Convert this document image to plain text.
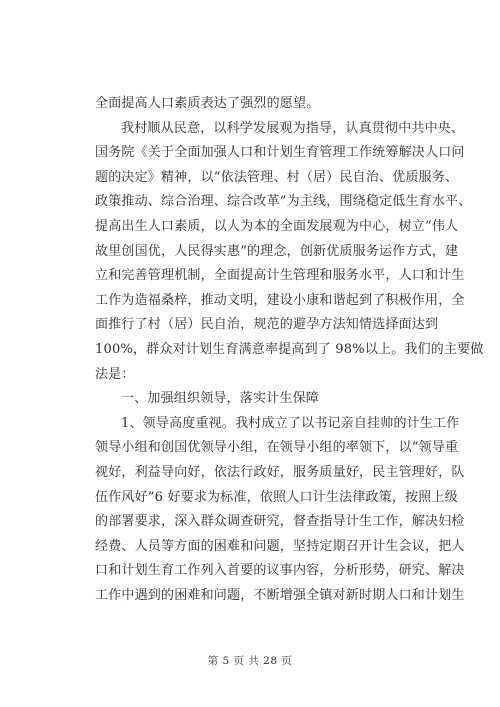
全面提高人口素质表达了强烈的愿望。
我村顺从民意，以科学发展观为指导，认真贯彻中共中央、
国务院《关于全面加强人口和计划生育管理工作统筹解决人口问
题的决定》精神，以“依法管理、村（居）民自治、优质服务、
政策推动、综合治理、综合改革”为主线，围绕稳定低生育水平、
提高出生人口素质，以人为本的全面发展观为中心，树立“伟人
故里创国优，人民得实惠”的理念，创新优质服务运作方式，建
立和完善管理机制，全面提高计生管理和服务水平，人口和计生
工作为造福桑梓，推动文明，建设小康和谐起到了积极作用，全
面推行了村（居）民自治，规范的避孕方法知情选择面达到
100%，群众对计划生育满意率提高到了 98%以上。我们的主要做
法是：
一、加强组织领导，落实计生保障
1、领导高度重视。我村成立了以书记亲自挂帅的计生工作
领导小组和创国优领导小组，在领导小组的率领下，以“领导重
视好，利益导向好，依法行政好，服务质量好，民主管理好，队
伍作风好”6 好要求为标准，依照人口计生法律政策，按照上级
的部署要求，深入群众调查研究，督查指导计生工作，解决妇检
经费、人员等方面的困难和问题，坚持定期召开计生会议，把人
口和计划生育工作列入首要的议事内容，分析形势，研究、解决
工作中遇到的困难和问题，不断增强全镇对新时期人口和计划生
第 5 页 共 28 页
